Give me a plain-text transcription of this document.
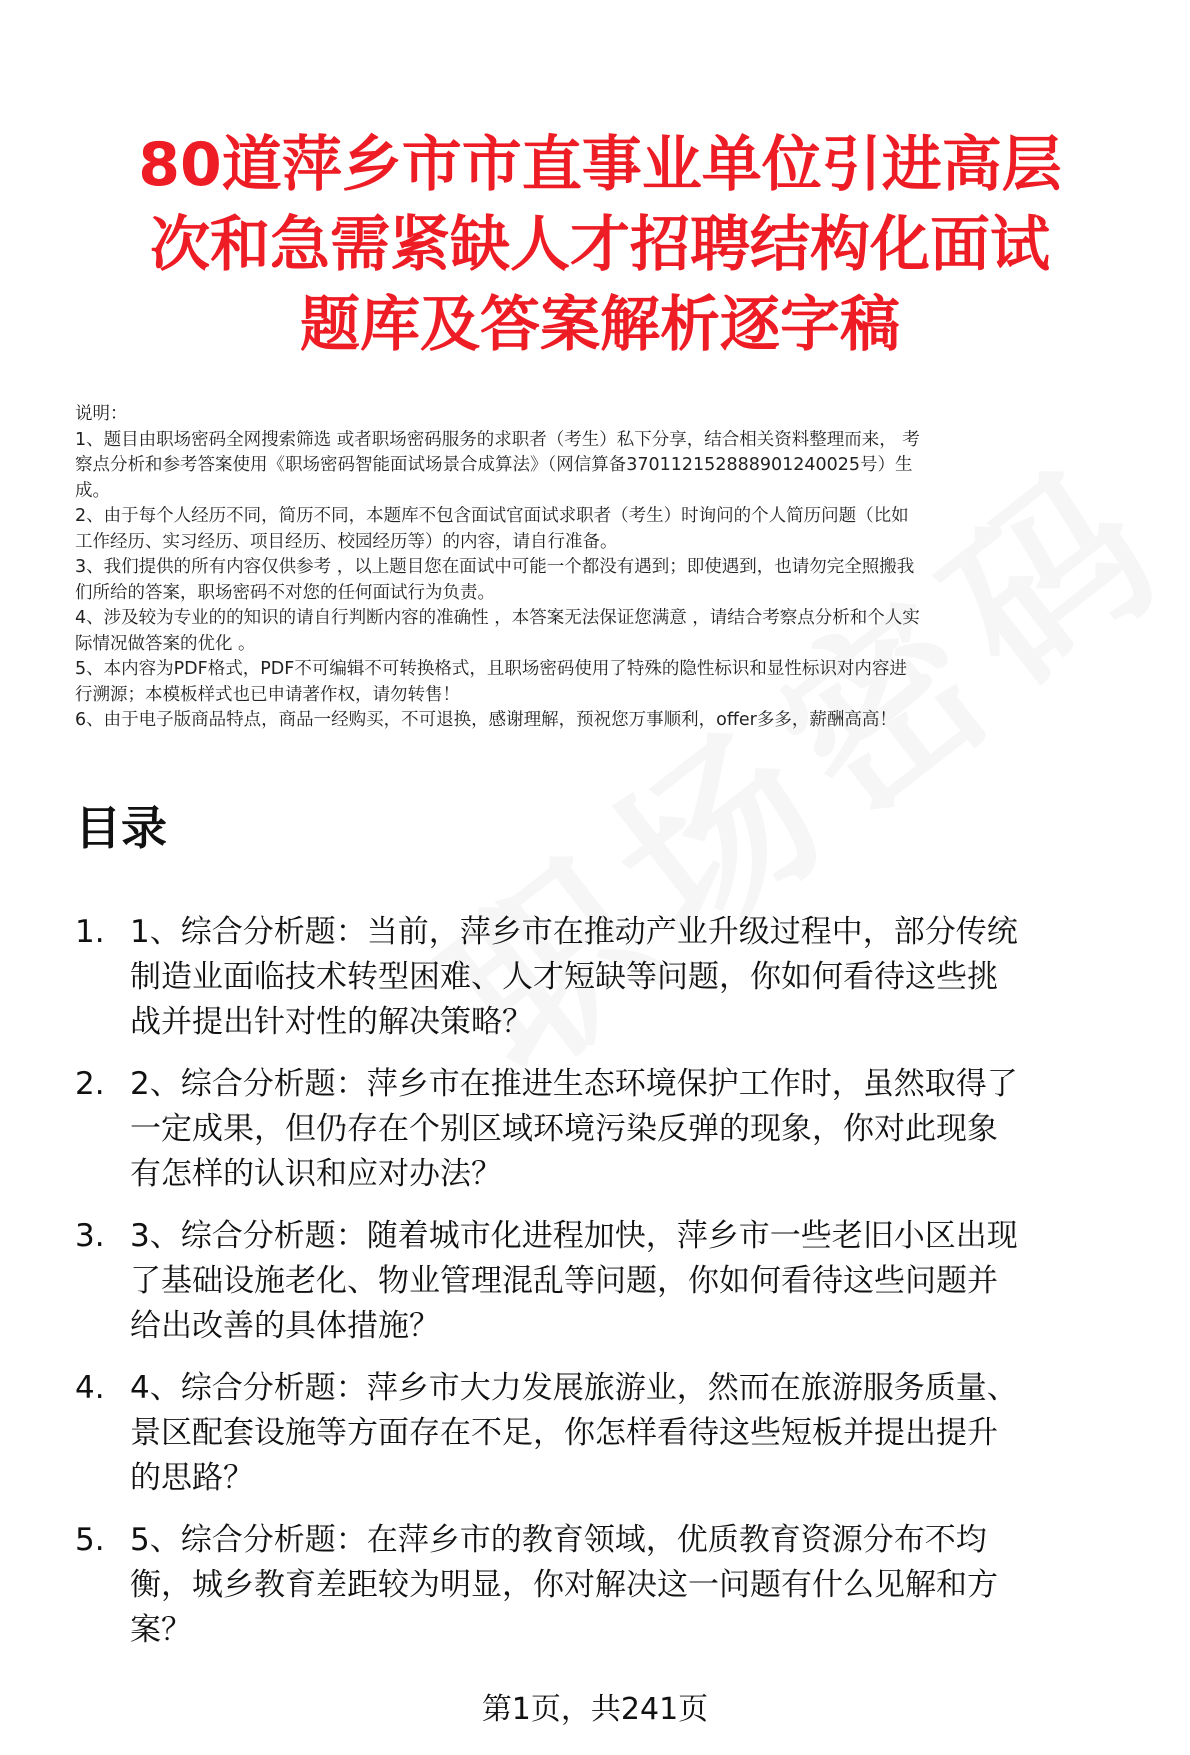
80道萍乡市市直事业单位引进高层
次和急需紧缺人才招聘结构化面试
题库及答案解析逐字稿
说明：
1、题目由职场密码全网搜索筛选 或者职场密码服务的求职者（考生）私下分享，结合相关资料整理而来， 考
察点分析和参考答案使用《职场密码智能面试场景合成算法》（网信算备370112152888901240025号）生
成。
2、由于每个人经历不同，简历不同，本题库不包含面试官面试求职者（考生）时询问的个人简历问题（比如
工作经历、实习经历、项目经历、校园经历等）的内容，请自行准备。
3、我们提供的所有内容仅供参考 ，以上题目您在面试中可能一个都没有遇到；即使遇到，也请勿完全照搬我
们所给的答案，职场密码不对您的任何面试行为负责。
4、涉及较为专业的的知识的请自行判断内容的准确性 ，本答案无法保证您满意 ，请结合考察点分析和个人实
际情况做答案的优化 。
5、本内容为PDF格式，PDF不可编辑不可转换格式，且职场密码使用了特殊的隐性标识和显性标识对内容进
行溯源；本模板样式也已申请著作权，请勿转售！
6、由于电子版商品特点，商品一经购买，不可退换，感谢理解，预祝您万事顺利，offer多多，薪酬高高！
目录
1. 1、综合分析题：当前，萍乡市在推动产业升级过程中，部分传统
制造业面临技术转型困难、人才短缺等问题，你如何看待这些挑
战并提出针对性的解决策略？
2. 2、综合分析题：萍乡市在推进生态环境保护工作时，虽然取得了
一定成果，但仍存在个别区域环境污染反弹的现象，你对此现象
有怎样的认识和应对办法？
3. 3、综合分析题：随着城市化进程加快，萍乡市一些老旧小区出现
了基础设施老化、物业管理混乱等问题，你如何看待这些问题并
给出改善的具体措施？
4. 4、综合分析题：萍乡市大力发展旅游业，然而在旅游服务质量、
景区配套设施等方面存在不足，你怎样看待这些短板并提出提升
的思路？
5. 5、综合分析题：在萍乡市的教育领域，优质教育资源分布不均
衡，城乡教育差距较为明显，你对解决这一问题有什么见解和方
案？
第1页，共241页
